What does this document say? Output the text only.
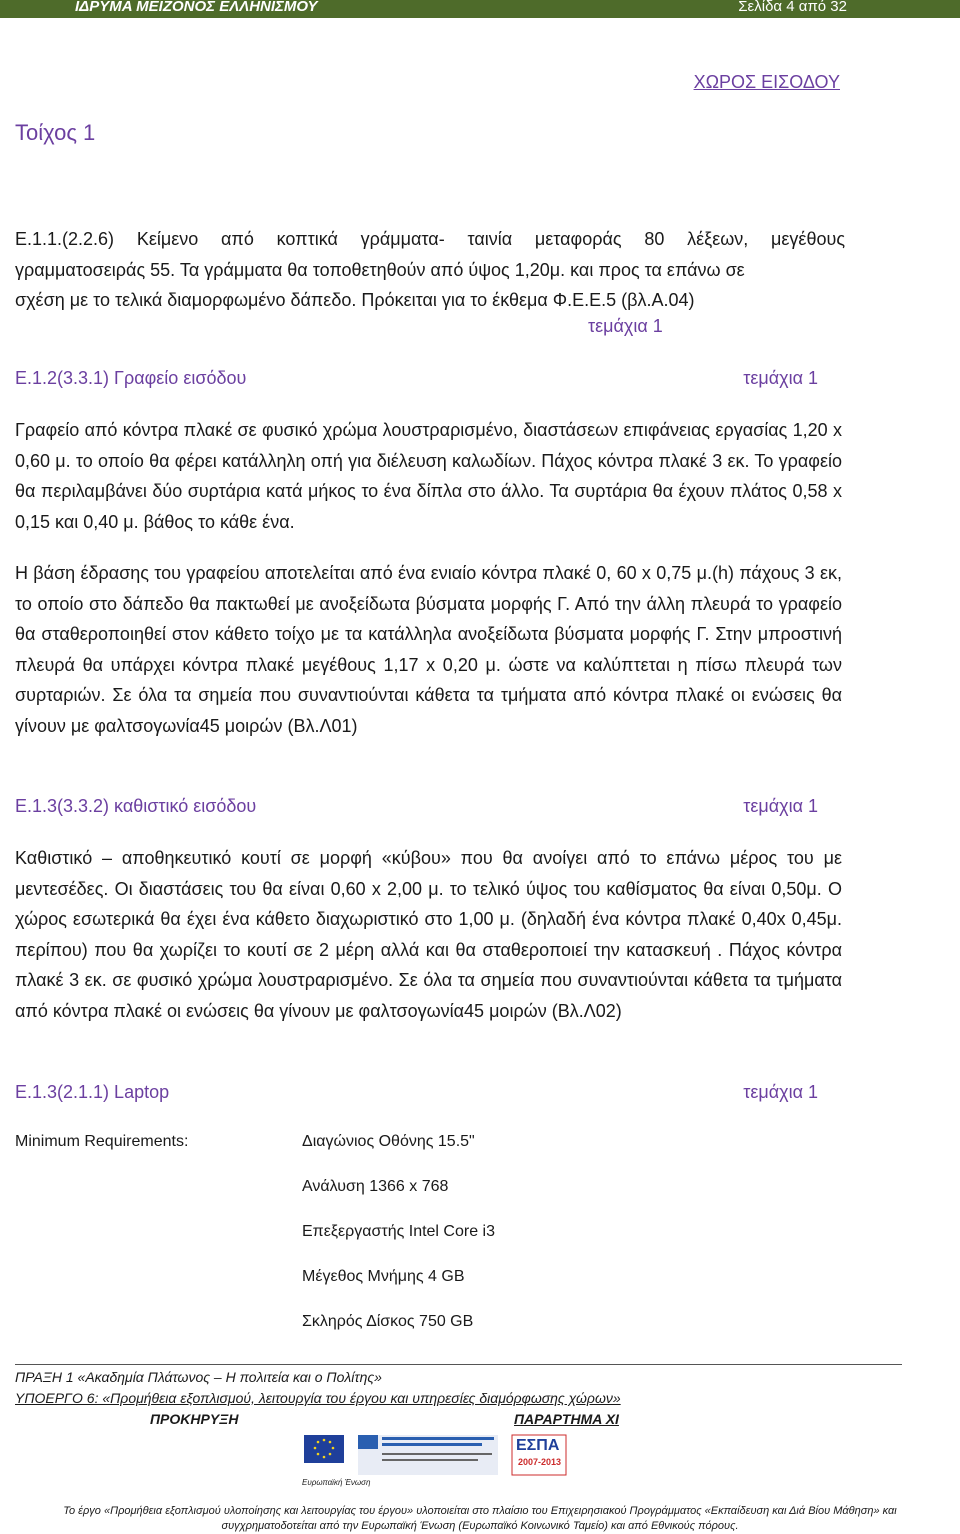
ΙΔΡΥΜΑ ΜΕΙΖΟΝΟΣ ΕΛΛΗΝΙΣΜΟΥ	Σελίδα 4 από 32
ΧΩΡΟΣ ΕΙΣΟΔΟΥ
Τοίχος 1
Ε.1.1.(2.2.6) Κείμενο από κοπτικά γράμματα- ταινία μεταφοράς 80 λέξεων, μεγέθους
γραμματοσειράς 55. Τα γράμματα θα τοποθετηθούν από ύψος 1,20μ. και προς τα επάνω σε
σχέση με το τελικά διαμορφωμένο δάπεδο. Πρόκειται για το έκθεμα Φ.Ε.Ε.5 (βλ.Α.04)
τεμάχια 1
Ε.1.2(3.3.1) Γραφείο εισόδου	τεμάχια 1
Γραφείο από κόντρα πλακέ σε φυσικό χρώμα λουστραρισμένο, διαστάσεων επιφάνειας εργασίας 1,20 x 0,60 μ. το οποίο θα φέρει κατάλληλη οπή για διέλευση καλωδίων. Πάχος κόντρα πλακέ 3 εκ. Το γραφείο θα περιλαμβάνει δύο συρτάρια κατά μήκος το ένα δίπλα στο άλλο. Τα συρτάρια θα έχουν πλάτος 0,58 x 0,15 και 0,40 μ. βάθος το κάθε ένα.
Η βάση έδρασης του γραφείου αποτελείται από ένα ενιαίο κόντρα πλακέ 0, 60 x 0,75 μ.(h) πάχους 3 εκ, το οποίο στο δάπεδο θα πακτωθεί με ανοξείδωτα βύσματα μορφής Γ. Από την άλλη πλευρά το γραφείο θα σταθεροποιηθεί στον κάθετο τοίχο με τα κατάλληλα ανοξείδωτα βύσματα μορφής Γ. Στην μπροστινή πλευρά θα υπάρχει κόντρα πλακέ μεγέθους 1,17 x 0,20 μ. ώστε να καλύπτεται η πίσω πλευρά των συρταριών. Σε όλα τα σημεία που συναντιούνται κάθετα τα τμήματα από κόντρα πλακέ οι ενώσεις θα γίνουν με φαλτσογωνία45 μοιρών (Βλ.Λ01)
Ε.1.3(3.3.2) καθιστικό εισόδου	τεμάχια 1
Καθιστικό – αποθηκευτικό κουτί σε μορφή «κύβου» που θα ανοίγει από το επάνω μέρος του με μεντεσέδες. Οι διαστάσεις του θα είναι 0,60 x 2,00 μ. το τελικό ύψος του καθίσματος θα είναι 0,50μ. Ο χώρος εσωτερικά θα έχει ένα κάθετο διαχωριστικό στο 1,00 μ. (δηλαδή ένα κόντρα πλακέ 0,40x 0,45μ. περίπου) που θα χωρίζει το κουτί σε 2 μέρη αλλά και θα σταθεροποιεί την κατασκευή . Πάχος κόντρα πλακέ 3 εκ. σε φυσικό χρώμα λουστραρισμένο. Σε όλα τα σημεία που συναντιούνται κάθετα τα τμήματα από κόντρα πλακέ οι ενώσεις θα γίνουν με φαλτσογωνία45 μοιρών (Βλ.Λ02)
Ε.1.3(2.1.1) Laptop	τεμάχια 1
Minimum Requirements:	Διαγώνιος Οθόνης 15.5"
Ανάλυση 1366 x 768
Επεξεργαστής Intel Core i3
Μέγεθος Μνήμης 4 GB
Σκληρός Δίσκος 750 GB
ΠΡΑΞΗ 1 «Ακαδημία Πλάτωνος – Η πολιτεία και ο Πολίτης»
ΥΠΟΕΡΓΟ 6: «Προμήθεια εξοπλισμού, λειτουργία του έργου και υπηρεσίες διαμόρφωσης χώρων»
ΠΡΟΚΗΡΥΞΗ	ΠΑΡΑΡΤΗΜΑ XI
Ευρωπαϊκή Ένωση
ΕΣΠΑ
2007-2013
Το έργο «Προμήθεια εξοπλισμού υλοποίησης και λειτουργίας του έργου» υλοποιείται στο πλαίσιο του Επιχειρησιακού Προγράμματος «Εκπαίδευση και Διά Βίου Μάθηση» και συγχρηματοδοτείται από την Ευρωπαϊκή Ένωση (Ευρωπαϊκό Κοινωνικό Ταμείο) και από Εθνικούς πόρους.
